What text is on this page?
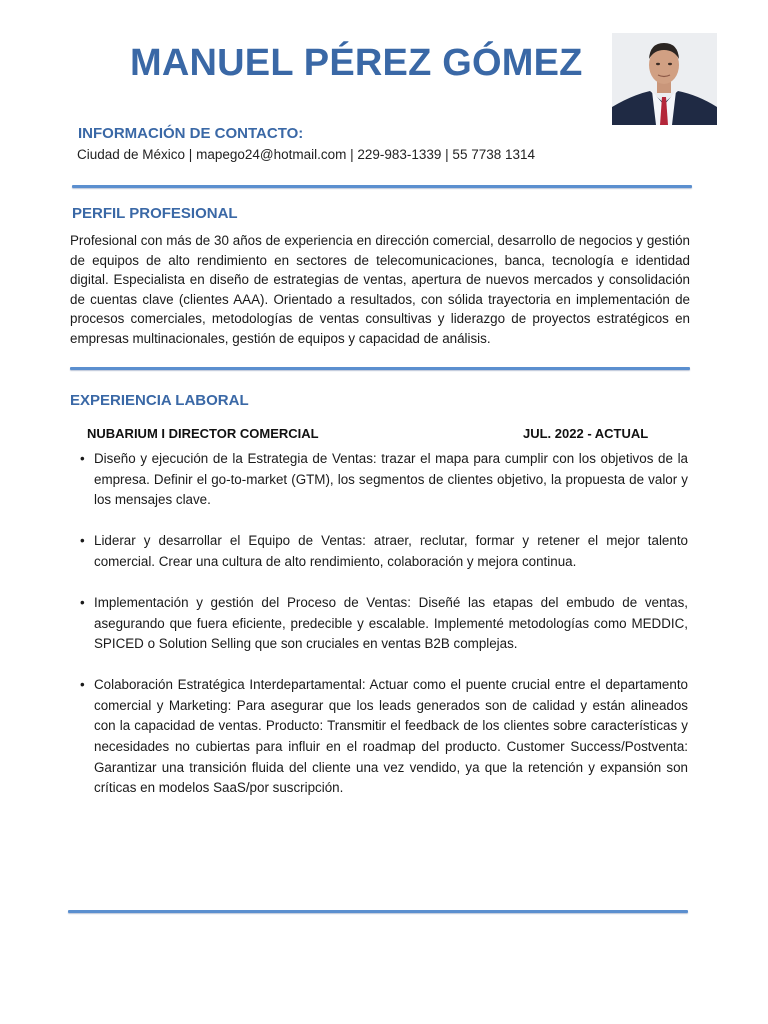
MANUEL PÉREZ GÓMEZ
INFORMACIÓN DE CONTACTO:
Ciudad de México | mapego24@hotmail.com | 229-983-1339 | 55 7738 1314
PERFIL PROFESIONAL

Profesional con más de 30 años de experiencia en dirección comercial, desarrollo de negocios y gestión de equipos de alto rendimiento en sectores de telecomunicaciones, banca, tecnología e identidad digital. Especialista en diseño de estrategias de ventas, apertura de nuevos mercados y consolidación de cuentas clave (clientes AAA). Orientado a resultados, con sólida trayectoria en implementación de procesos comerciales, metodologías de ventas consultivas y liderazgo de proyectos estratégicos en empresas multinacionales, gestión de equipos y capacidad de análisis.

EXPERIENCIA LABORAL
NUBARIUM I DIRECTOR COMERCIAL	JUL. 2022 - ACTUAL
• Diseño y ejecución de la Estrategia de Ventas: trazar el mapa para cumplir con los objetivos de la empresa. Definir el go-to-market (GTM), los segmentos de clientes objetivo, la propuesta de valor y los mensajes clave.
• Liderar y desarrollar el Equipo de Ventas: atraer, reclutar, formar y retener el mejor talento comercial. Crear una cultura de alto rendimiento, colaboración y mejora continua.
• Implementación y gestión del Proceso de Ventas: Diseñé las etapas del embudo de ventas, asegurando que fuera eficiente, predecible y escalable. Implementé metodologías como MEDDIC, SPICED o Solution Selling que son cruciales en ventas B2B complejas.
• Colaboración Estratégica Interdepartamental: Actuar como el puente crucial entre el departamento comercial y Marketing: Para asegurar que los leads generados son de calidad y están alineados con la capacidad de ventas. Producto: Transmitir el feedback de los clientes sobre características y necesidades no cubiertas para influir en el roadmap del producto. Customer Success/Postventa: Garantizar una transición fluida del cliente una vez vendido, ya que la retención y expansión son críticas en modelos SaaS/por suscripción.
